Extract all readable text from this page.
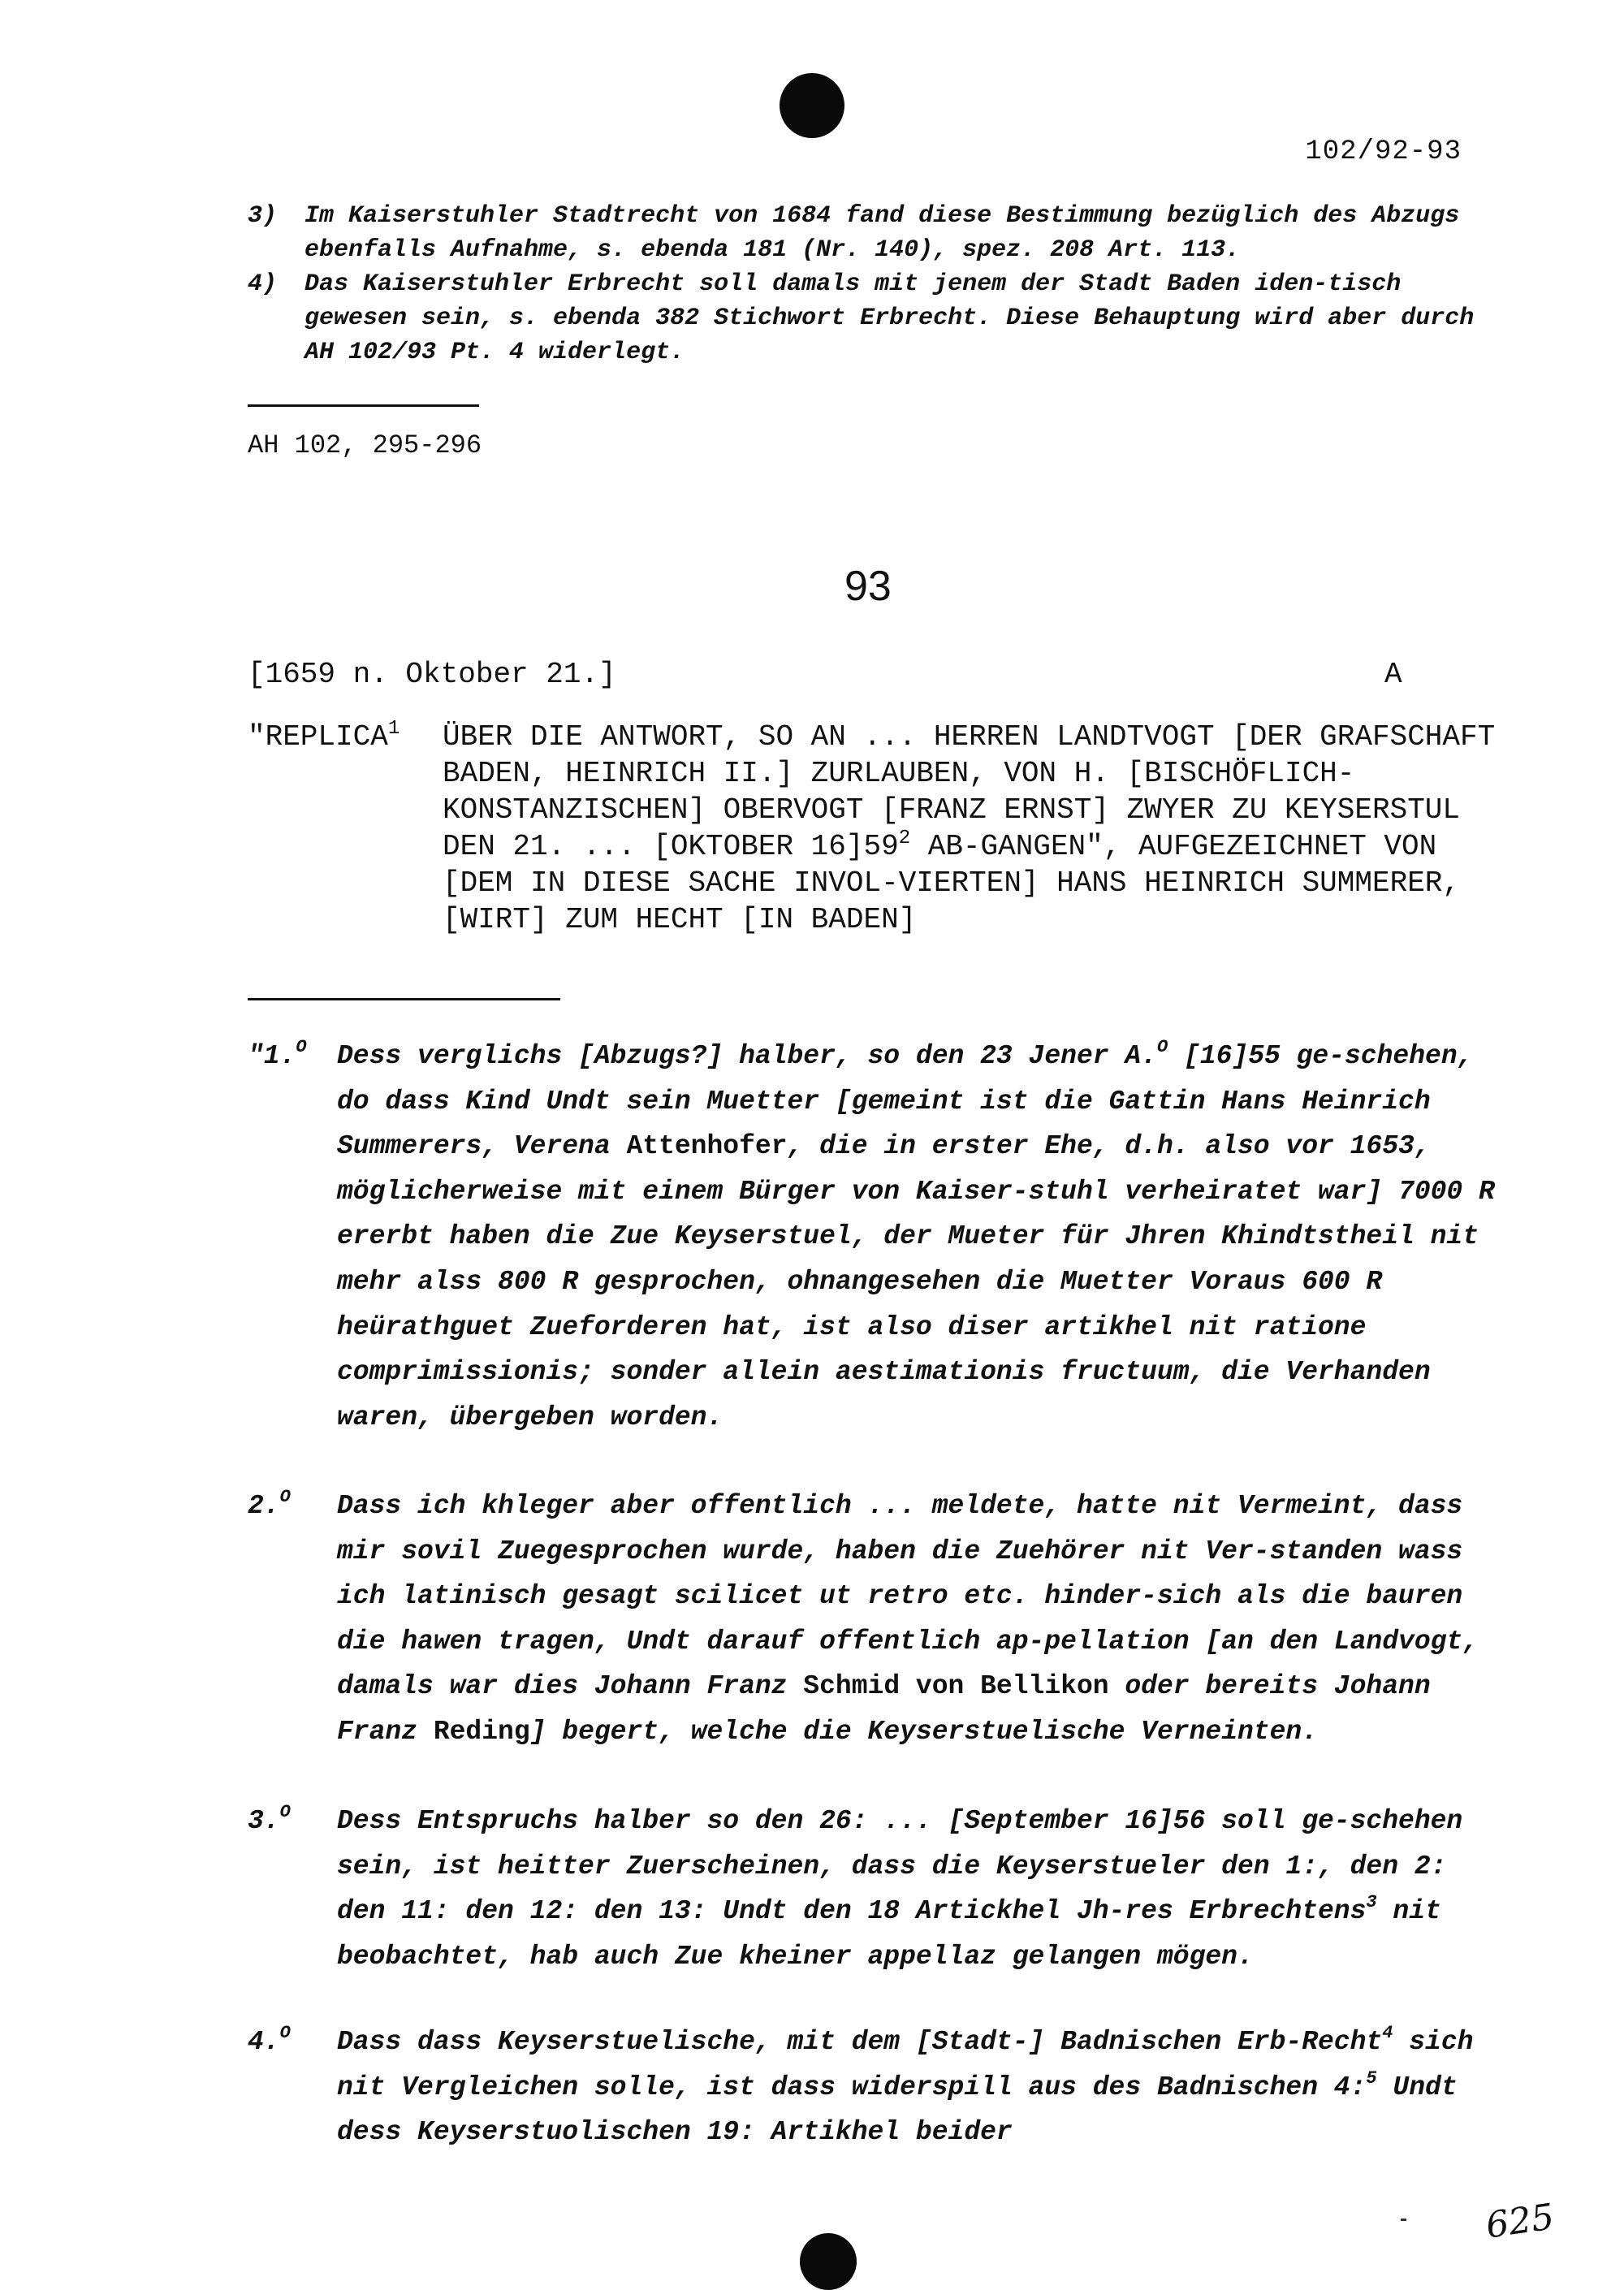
102/92-93
3) Im Kaiserstuhler Stadtrecht von 1684 fand diese Bestimmung bezüglich des Abzugs ebenfalls Aufnahme, s. ebenda 181 (Nr. 140), spez. 208 Art. 113.
4) Das Kaiserstuhler Erbrecht soll damals mit jenem der Stadt Baden iden-tisch gewesen sein, s. ebenda 382 Stichwort Erbrecht. Diese Behauptung wird aber durch AH 102/93 Pt. 4 widerlegt.
AH 102, 295-296
93
[1659 n. Oktober 21.]	A
"REPLICA$^1$ ÜBER DIE ANTWORT, SO AN ... HERREN LANDTVOGT [DER GRAFSCHAFT BADEN, HEINRICH II.] ZURLAUBEN, VON H. [BISCHÖFLICH-KONSTANZISCHEN] OBERVOGT [FRANZ ERNST] ZWYER ZU KEYSERSTUL DEN 21. ... [OKTOBER $16]59^2$ AB-GANGEN", AUFGEZEICHNET VON [DEM IN DIESE SACHE INVOL-VIERTEN] HANS HEINRICH SUMMERER, [WIRT] ZUM HECHT [IN BADEN]
"1.$^O$ Dess verglichs [Abzugs?] halber, so den 23 Jener A.$^O$ [16]55 ge-schehen, do dass Kind Undt sein Muetter [gemeint ist die Gattin Hans Heinrich Summerers, Verena Attenhofer, die in erster Ehe, d.h. also vor 1653, möglicherweise mit einem Bürger von Kaiser-stuhl verheiratet war] 7000 R ererbt haben die Zue Keyserstuel, der Mueter für Jhren Khindtstheil nit mehr alss 800 R gesprochen, ohnangesehen die Muetter Voraus 600 R heürathguet Zueforderen hat, ist also diser artikhel nit ratione comprimissionis; sonder allein aestimationis fructuum, die Verhanden waren, übergeben worden.
2.$^O$ Dass ich khleger aber offentlich ... meldete, hatte nit Vermeint, dass mir sovil Zuegesprochen wurde, haben die Zuehörer nit Ver-standen wass ich latinisch gesagt scilicet ut retro etc. hinder-sich als die bauren die hawen tragen, Undt darauf offentlich ap-pellation [an den Landvogt, damals war dies Johann Franz Schmid von Bellikon oder bereits Johann Franz Reding] begert, welche die Keyserstuelische Verneinten.
3.$^O$ Dess Entspruchs halber so den 26: ... [September 16]56 soll ge-schehen sein, ist heitter Zuerscheinen, dass die Keyserstueler den 1:, den 2: den 11: den 12: den 13: Undt den 18 Artickhel Jh-res Erbrechtens$^3$ nit beobachtet, hab auch Zue kheiner appellaz gelangen mögen.
4.$^O$ Dass dass Keyserstuelische, mit dem [Stadt-] Badnischen Erb-Recht$^4$ sich nit Vergleichen solle, ist dass widerspill aus des Badnischen 4:$^5$ Undt dess Keyserstuolischen 19: Artikhel beider
625
